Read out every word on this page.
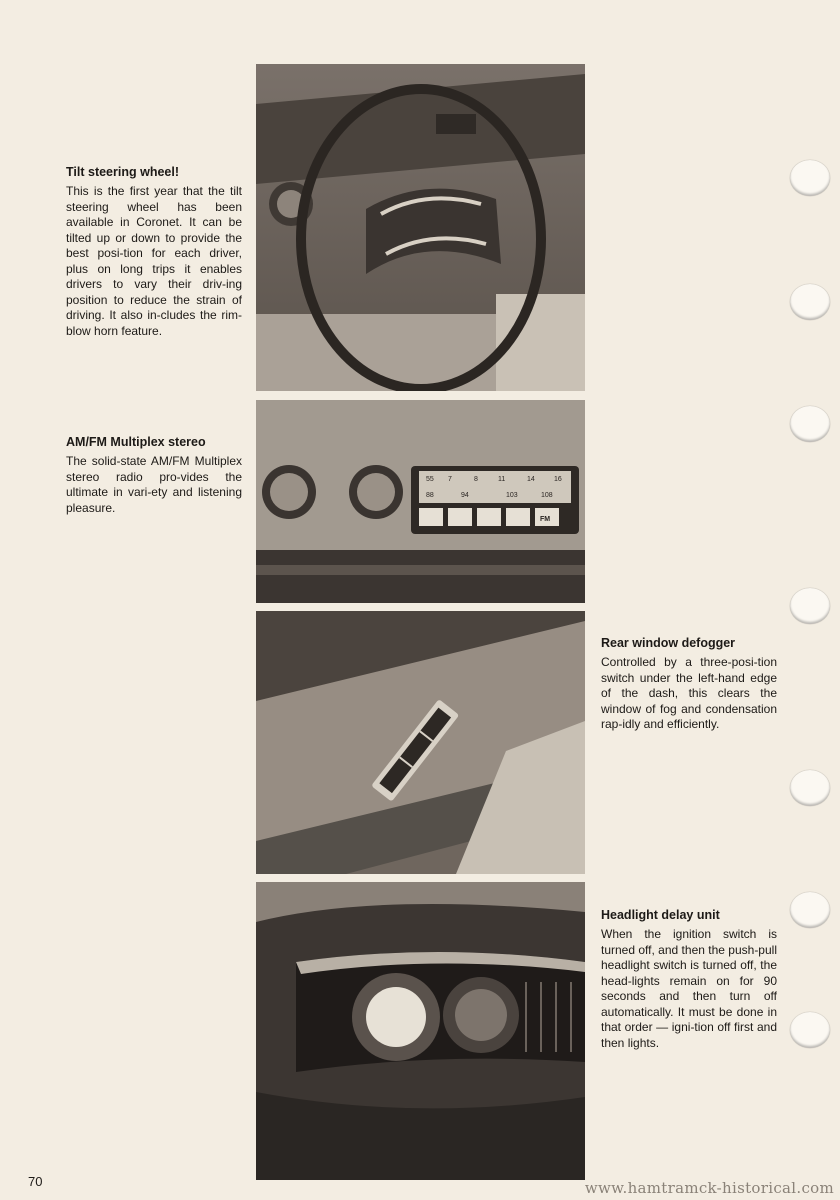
55 7	8	11	14	16
88	94	103	108
FM
Tilt steering wheel!

This is the first year that the tilt steering wheel has been available in Coronet. It can be tilted up or down to provide the best posi-tion for each driver, plus on long trips it enables drivers to vary their driv-ing position to reduce the strain of driving. It also in-cludes the rim-blow horn feature.

AM/FM Multiplex stereo

The solid-state AM/FM Multiplex stereo radio pro-vides the ultimate in vari-ety and listening pleasure.

Rear window defogger

Controlled by a three-posi-tion switch under the left-hand edge of the dash, this clears the window of fog and condensation rap-idly and efficiently.

Headlight delay unit

When the ignition switch is turned off, and then the push-pull headlight switch is turned off, the head-lights remain on for 90 seconds and then turn off automatically. It must be done in that order — igni-tion off first and then lights.

70	www.hamtramck-historical.com
